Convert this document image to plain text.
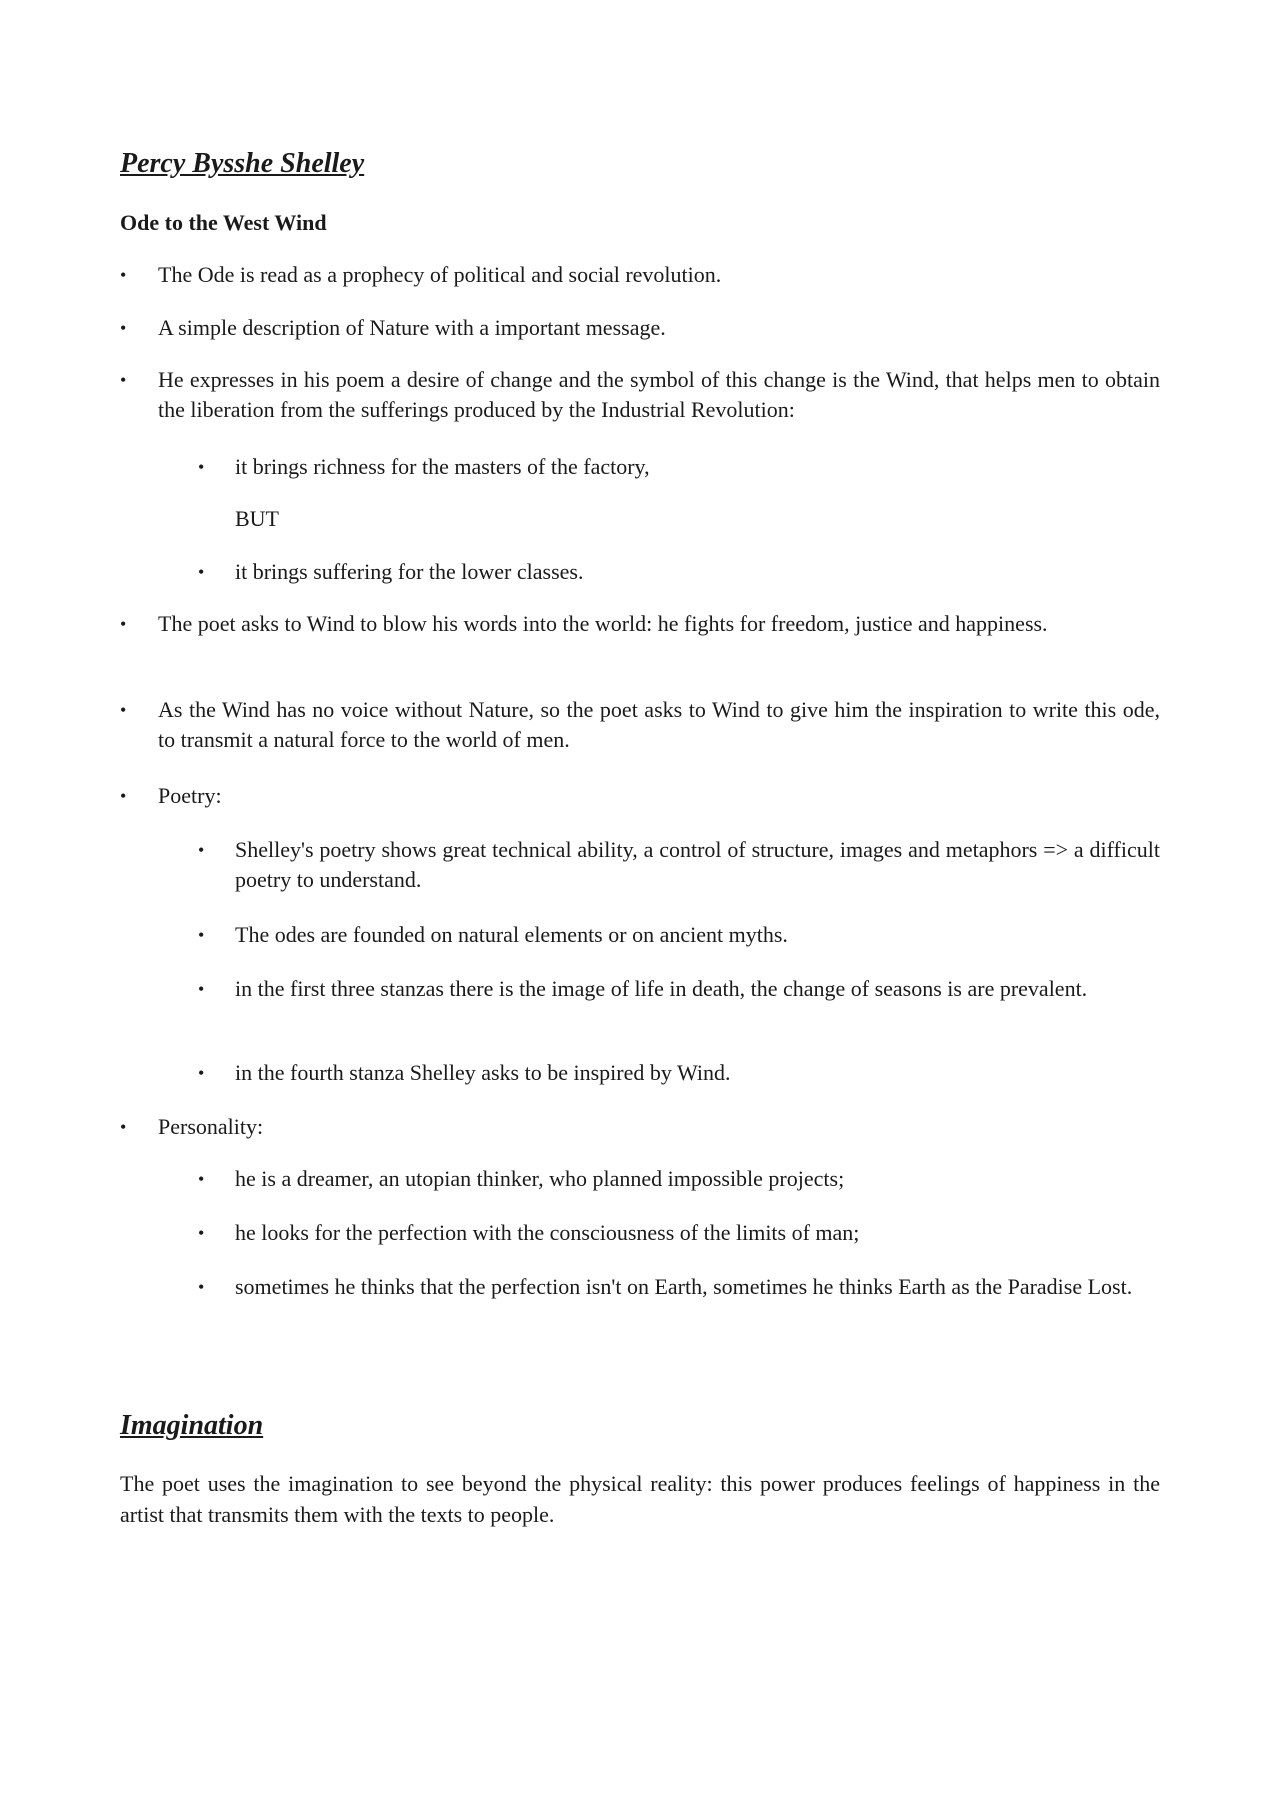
Percy Bysshe Shelley
Ode to the West Wind
• The Ode is read as a prophecy of political and social revolution.
• A simple description of Nature with a important message.
• He expresses in his poem a desire of change and the symbol of this change is the Wind, that helps men to obtain the liberation from the sufferings produced by the Industrial Revolution:
• it brings richness for the masters of the factory,
BUT
• it brings suffering for the lower classes.
• The poet asks to Wind to blow his words into the world: he fights for freedom, justice and happiness.
• As the Wind has no voice without Nature, so the poet asks to Wind to give him the inspiration to write this ode, to transmit a natural force to the world of men.
• Poetry:
• Shelley's poetry shows great technical ability, a control of structure, images and metaphors => a difficult poetry to understand.
• The odes are founded on natural elements or on ancient myths.
• in the first three stanzas there is the image of life in death, the change of seasons is are prevalent.
• in the fourth stanza Shelley asks to be inspired by Wind.
• Personality:
• he is a dreamer, an utopian thinker, who planned impossible projects;
• he looks for the perfection with the consciousness of the limits of man;
• sometimes he thinks that the perfection isn't on Earth, sometimes he thinks Earth as the Paradise Lost.
Imagination
The poet uses the imagination to see beyond the physical reality: this power produces feelings of happiness in the artist that transmits them with the texts to people.
